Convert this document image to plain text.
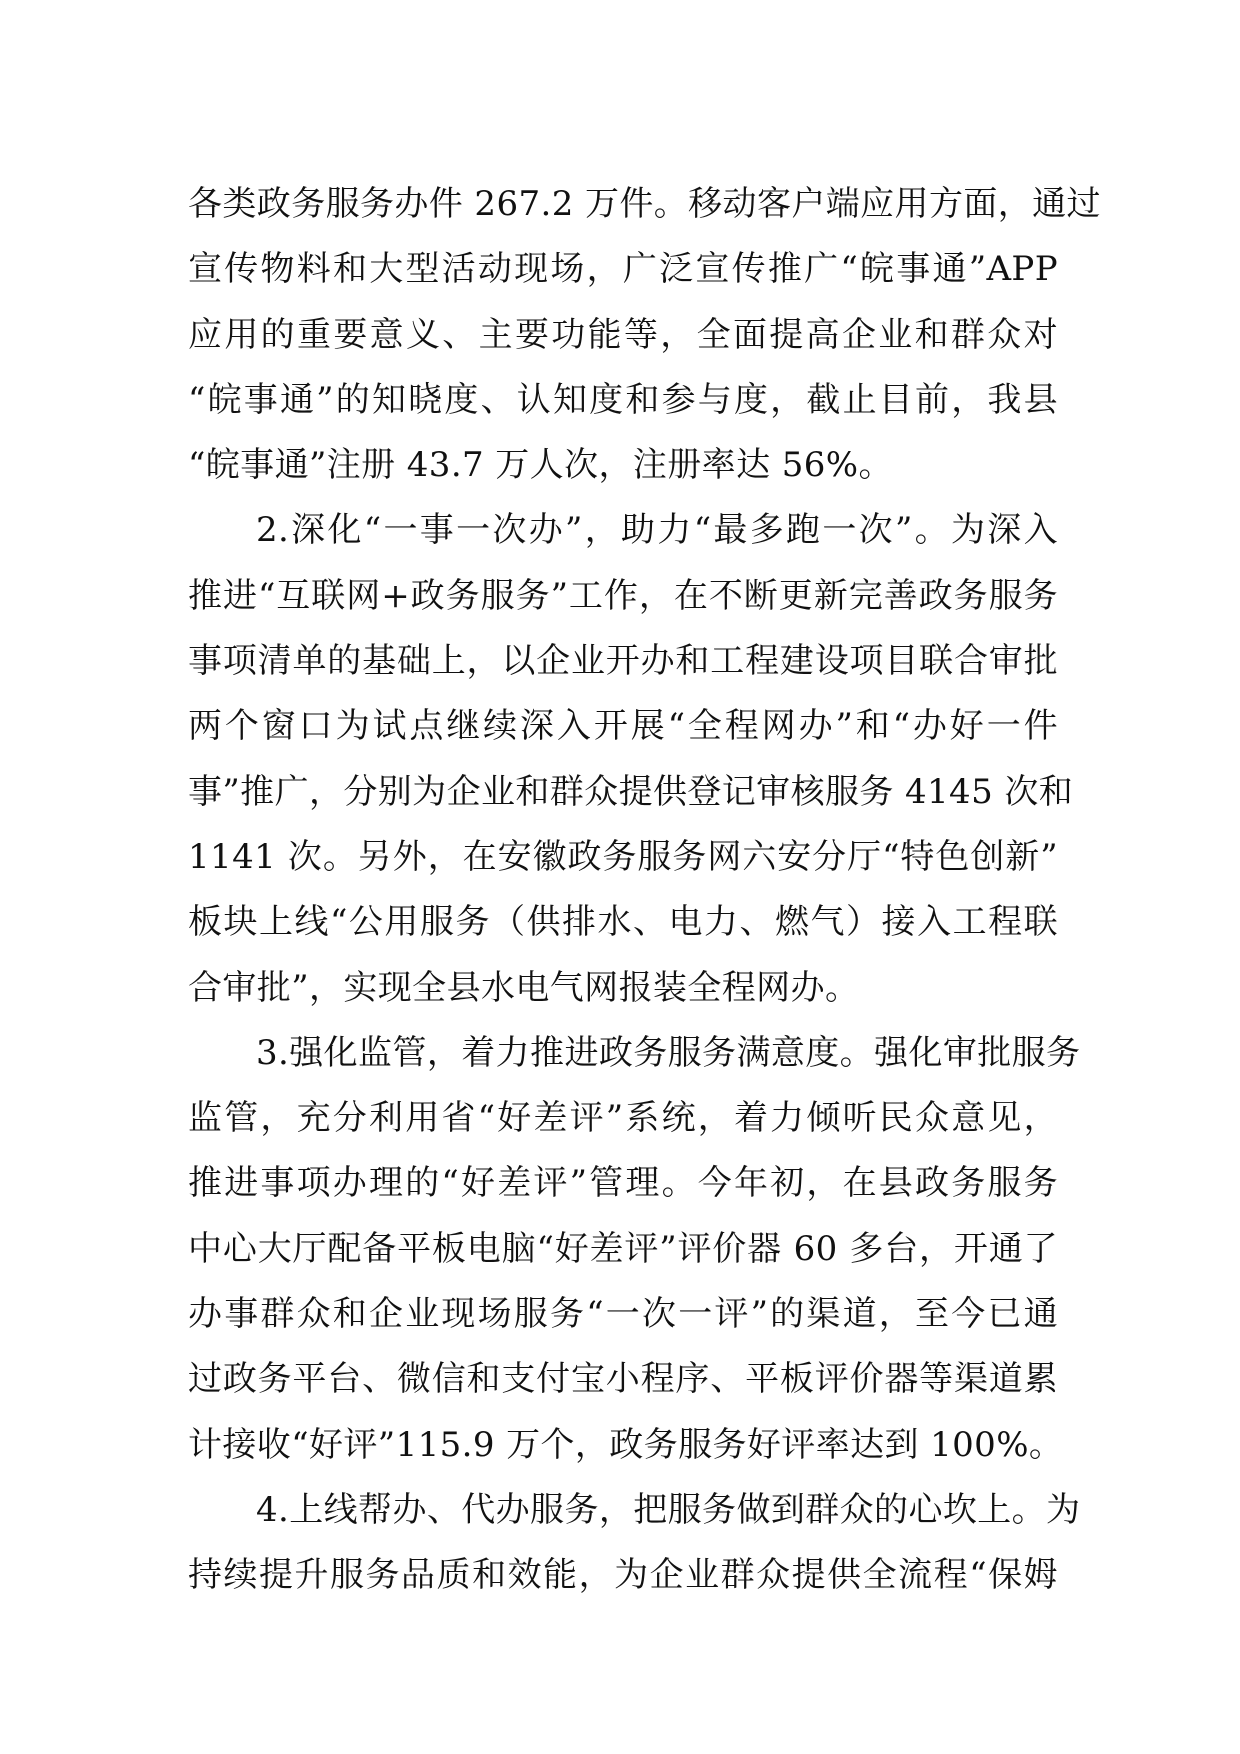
各类政务服务办件 267.2 万件。移动客户端应用方面，通过
宣传物料和大型活动现场，广泛宣传推广“皖事通”APP
应用的重要意义、主要功能等，全面提高企业和群众对
“皖事通”的知晓度、认知度和参与度，截止目前，我县
“皖事通”注册 43.7 万人次，注册率达 56%。
2.深化“一事一次办”，助力“最多跑一次”。为深入
推进“互联网+政务服务”工作，在不断更新完善政务服务
事项清单的基础上，以企业开办和工程建设项目联合审批
两个窗口为试点继续深入开展“全程网办”和“办好一件
事”推广，分别为企业和群众提供登记审核服务 4145 次和
1141 次。另外，在安徽政务服务网六安分厅“特色创新”
板块上线“公用服务（供排水、电力、燃气）接入工程联
合审批”，实现全县水电气网报装全程网办。
3.强化监管，着力推进政务服务满意度。强化审批服务
监管，充分利用省“好差评”系统，着力倾听民众意见，
推进事项办理的“好差评”管理。今年初，在县政务服务
中心大厅配备平板电脑“好差评”评价器 60 多台，开通了
办事群众和企业现场服务“一次一评”的渠道，至今已通
过政务平台、微信和支付宝小程序、平板评价器等渠道累
计接收“好评”115.9 万个，政务服务好评率达到 100%。
4.上线帮办、代办服务，把服务做到群众的心坎上。为
持续提升服务品质和效能，为企业群众提供全流程“保姆
